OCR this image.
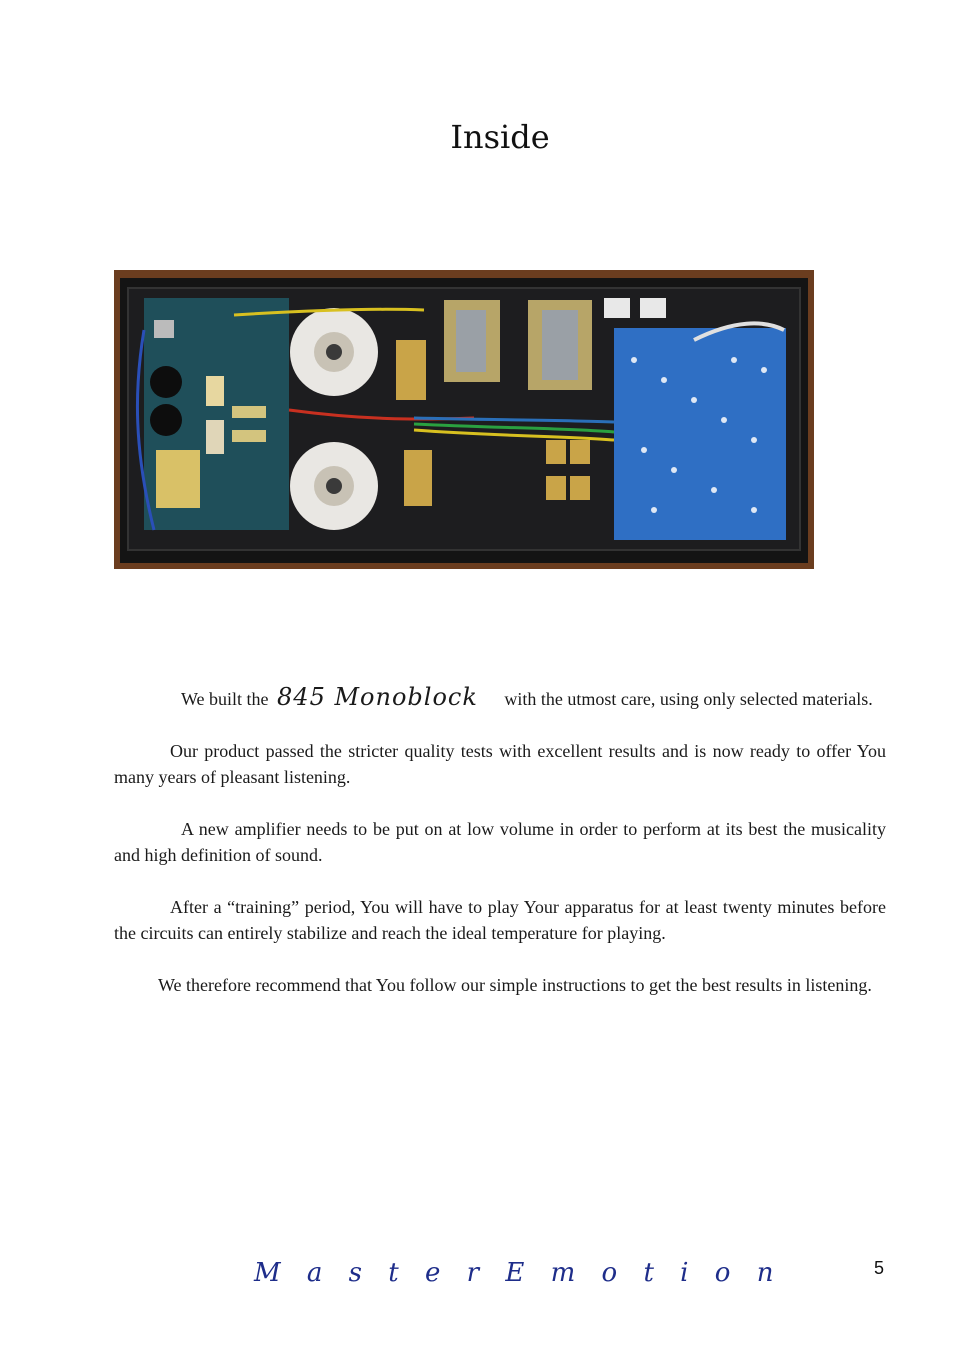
Inside

We built the 845 Monoblock with the utmost care, using only selected materials.

Our product passed the stricter quality tests with excellent results and is now ready to offer You many years of pleasant listening.

A new amplifier needs to be put on at low volume in order to perform at its best the musicality and high definition of sound.

After a “training” period, You will have to play Your apparatus for at least twenty minutes before the circuits can entirely stabilize and reach the ideal temperature for playing.

We therefore recommend that You follow our simple instructions to get the best results in listening.

M a s t e r E m o t i o n	5
